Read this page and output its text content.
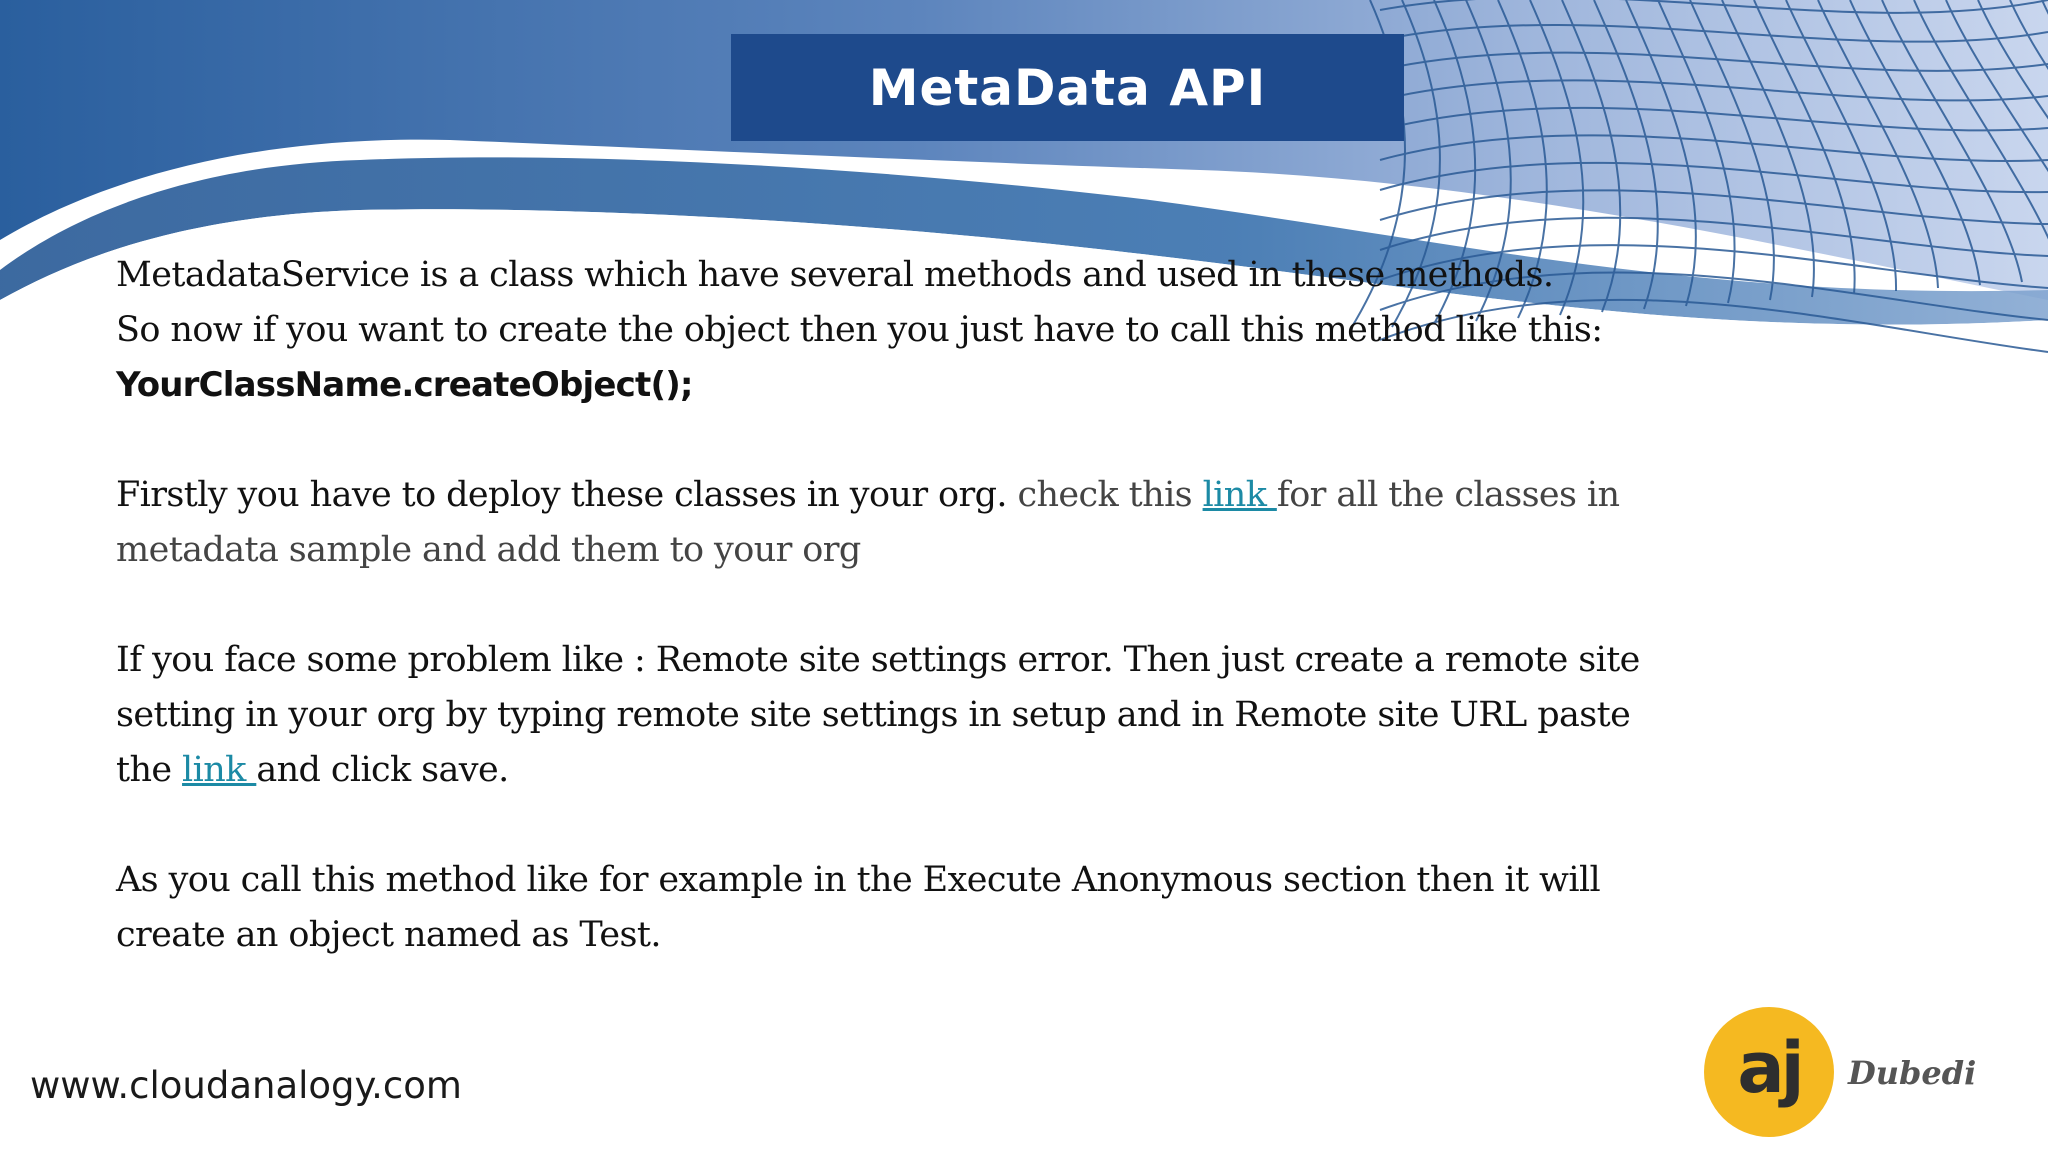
MetaData API

MetadataService is a class which have several methods and used in these methods.

So now if you want to create the object then you just have to call this method like this:

YourClassName.createObject();

Firstly you have to deploy these classes in your org. check this link for all the classes in

metadata sample and add them to your org

If you face some problem like : Remote site settings error. Then just create a remote site

setting in your org by typing remote site settings in setup and in Remote site URL paste

the link and click save.

As you call this method like for example in the Execute Anonymous section then it will

create an object named as Test.

www.cloudanalogy.com	aj Dubedi
